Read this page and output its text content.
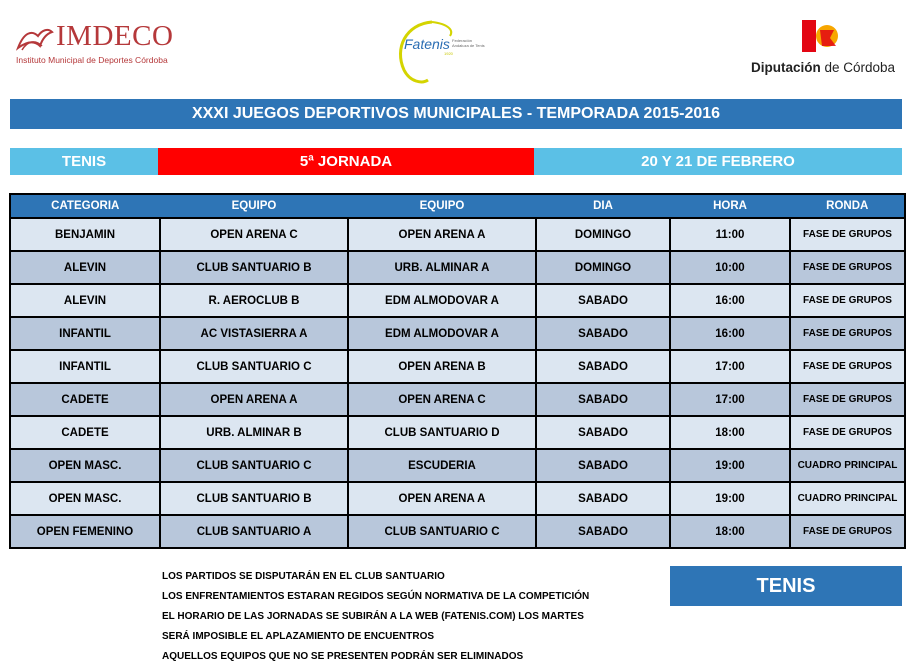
IMDECO
Instituto Municipal de Deportes Córdoba
Fatenis Federación Andaluza de Tenis
1920
Diputación de Córdoba
XXXI JUEGOS DEPORTIVOS MUNICIPALES - TEMPORADA 2015-2016
TENIS	5ª JORNADA	20 Y 21 DE FEBRERO
CATEGORIA	EQUIPO	EQUIPO	DIA	HORA	RONDA
BENJAMIN	OPEN ARENA C	OPEN ARENA A	DOMINGO	11:00	FASE DE GRUPOS
ALEVIN	CLUB SANTUARIO B	URB. ALMINAR A	DOMINGO	10:00	FASE DE GRUPOS
ALEVIN	R. AEROCLUB B	EDM ALMODOVAR A	SABADO	16:00	FASE DE GRUPOS
INFANTIL	AC VISTASIERRA A	EDM ALMODOVAR A	SABADO	16:00	FASE DE GRUPOS
INFANTIL	CLUB SANTUARIO C	OPEN ARENA B	SABADO	17:00	FASE DE GRUPOS
CADETE	OPEN ARENA A	OPEN ARENA C	SABADO	17:00	FASE DE GRUPOS
CADETE	URB. ALMINAR B	CLUB SANTUARIO D	SABADO	18:00	FASE DE GRUPOS
OPEN MASC.	CLUB SANTUARIO C	ESCUDERIA	SABADO	19:00	CUADRO PRINCIPAL
OPEN MASC.	CLUB SANTUARIO B	OPEN ARENA A	SABADO	19:00	CUADRO PRINCIPAL
OPEN FEMENINO	CLUB SANTUARIO A	CLUB SANTUARIO C	SABADO	18:00	FASE DE GRUPOS
LOS PARTIDOS SE DISPUTARÁN EN EL CLUB SANTUARIO
LOS ENFRENTAMIENTOS ESTARAN REGIDOS SEGÚN NORMATIVA DE LA COMPETICIÓN
EL HORARIO DE LAS JORNADAS SE SUBIRÁN A LA WEB (FATENIS.COM) LOS MARTES
SERÁ IMPOSIBLE EL APLAZAMIENTO DE ENCUENTROS
AQUELLOS EQUIPOS QUE NO SE PRESENTEN PODRÁN SER ELIMINADOS
TENIS
